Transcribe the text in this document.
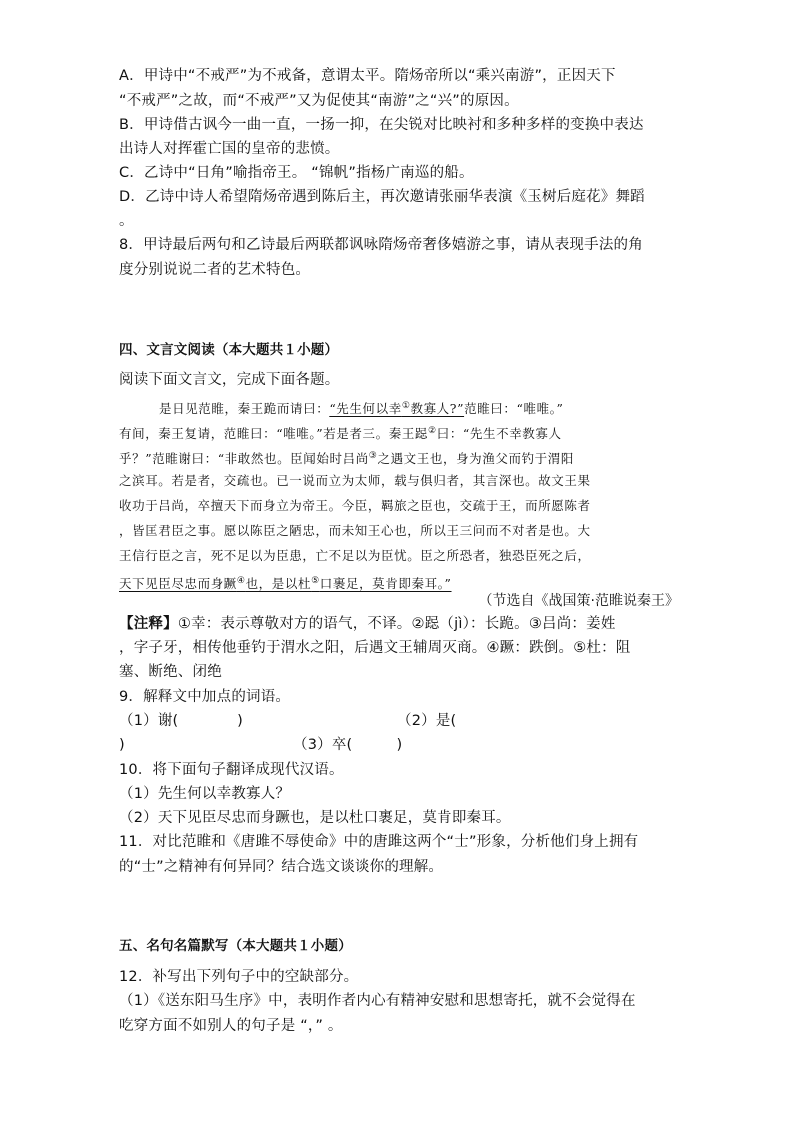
A．甲诗中“不戒严”为不戒备，意谓太平。隋炀帝所以“乘兴南游”，正因天下
“不戒严”之故，而“不戒严”又为促使其“南游”之“兴”的原因。
B．甲诗借古讽今一曲一直，一扬一抑，在尖锐对比映衬和多种多样的变换中表达
出诗人对挥霍亡国的皇帝的悲愤。
C．乙诗中“日角”喻指帝王。 “锦帆”指杨广南巡的船。
D．乙诗中诗人希望隋炀帝遇到陈后主，再次邀请张丽华表演《玉树后庭花》舞蹈
。
8．甲诗最后两句和乙诗最后两联都讽咏隋炀帝奢侈嬉游之事，请从表现手法的角
度分别说说二者的艺术特色。
四、文言文阅读（本大题共１小题）
阅读下面文言文，完成下面各题。
是日见范睢，秦王跪而请曰：“先生何以幸①教寡人?”范睢曰：“唯唯。”
有间，秦王复请，范睢曰：“唯唯。”若是者三。秦王跽②曰：“先生不幸教寡人
乎？”范睢谢曰：“非敢然也。臣闻始时吕尚③之遇文王也，身为渔父而钓于渭阳
之滨耳。若是者，交疏也。已一说而立为太师，载与俱归者，其言深也。故文王果
收功于吕尚，卒擅天下而身立为帝王。今臣，羁旅之臣也，交疏于王，而所愿陈者
，皆匡君臣之事。愿以陈臣之陋忠，而未知王心也，所以王三问而不对者是也。大
王信行臣之言，死不足以为臣患，亡不足以为臣忧。臣之所恐者，独恐臣死之后，
天下见臣尽忠而身蹶④也，是以杜⑤口裹足，莫肯即秦耳。”
（节选自《战国策·范睢说秦王》
【注释】①幸：表示尊敬对方的语气，不译。②跽（jì）：长跪。③吕尚：姜姓
，字子牙，相传他垂钓于渭水之阳，后遇文王辅周灭商。④蹶：跌倒。⑤杜：阻
塞、断绝、闭绝
9．解释文中加点的词语。
（1）谢(　　　　)	（2）是(
)	（3）卒(　　　)
10．将下面句子翻译成现代汉语。
（1）先生何以幸教寡人？
（2）天下见臣尽忠而身蹶也，是以杜口裹足，莫肯即秦耳。
11．对比范睢和《唐雎不辱使命》中的唐雎这两个“士”形象，分析他们身上拥有
的“士”之精神有何异同？结合选文谈谈你的理解。
五、名句名篇默写（本大题共１小题）
12．补写出下列句子中的空缺部分。
（1）《送东阳马生序》中，表明作者内心有精神安慰和思想寄托，就不会觉得在
吃穿方面不如别人的句子是 “，” 。
